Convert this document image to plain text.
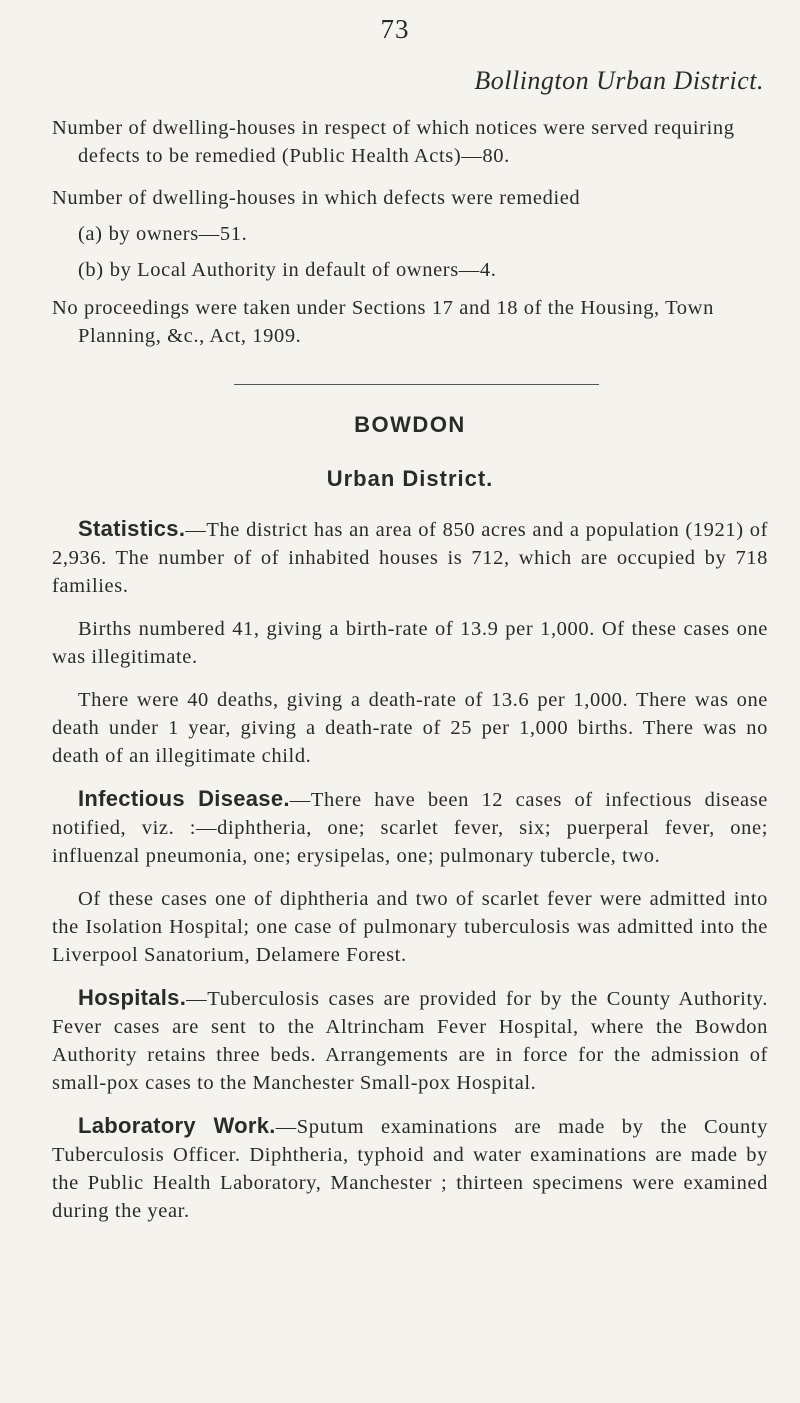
73
Bollington Urban District.

Number of dwelling-houses in respect of which notices were served requiring defects to be remedied (Public Health Acts)—80.

Number of dwelling-houses in which defects were remedied

(a) by owners—51.
(b) by Local Authority in default of owners—4.

No proceedings were taken under Sections 17 and 18 of the Housing, Town Planning, &c., Act, 1909.

BOWDON
Urban District.

Statistics.—The district has an area of 850 acres and a population (1921) of 2,936. The number of of inhabited houses is 712, which are occupied by 718 families.

Births numbered 41, giving a birth-rate of 13.9 per 1,000. Of these cases one was illegitimate.

There were 40 deaths, giving a death-rate of 13.6 per 1,000. There was one death under 1 year, giving a death-rate of 25 per 1,000 births. There was no death of an illegitimate child.

Infectious Disease.—There have been 12 cases of infectious disease notified, viz. :—diphtheria, one; scarlet fever, six; puerperal fever, one; influenzal pneumonia, one; erysipelas, one; pulmonary tubercle, two.

Of these cases one of diphtheria and two of scarlet fever were admitted into the Isolation Hospital; one case of pulmonary tuberculosis was admitted into the Liverpool Sanatorium, Delamere Forest.

Hospitals.—Tuberculosis cases are provided for by the County Authority. Fever cases are sent to the Altrincham Fever Hospital, where the Bowdon Authority retains three beds. Arrangements are in force for the admission of small-pox cases to the Manchester Small-pox Hospital.

Laboratory Work.—Sputum examinations are made by the County Tuberculosis Officer. Diphtheria, typhoid and water examinations are made by the Public Health Laboratory, Manchester ; thirteen specimens were examined during the year.
